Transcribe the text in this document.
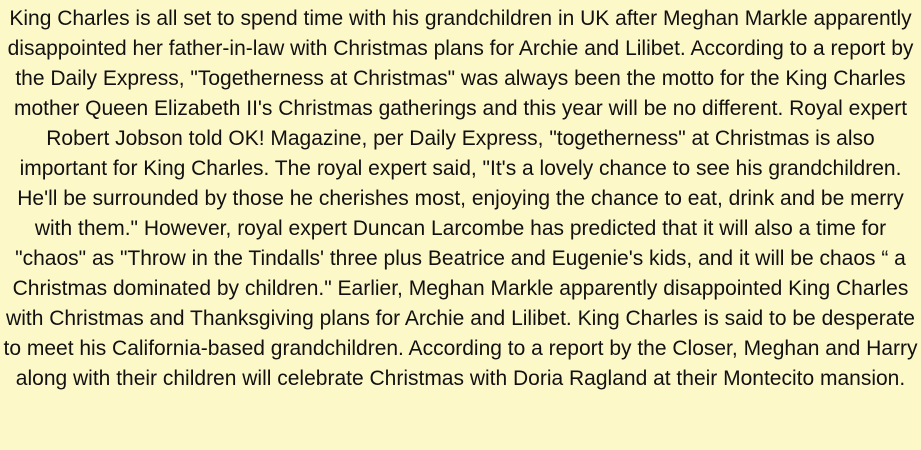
King Charles is all set to spend time with his grandchildren in UK after Meghan Markle apparently disappointed her father-in-law with Christmas plans for Archie and Lilibet. According to a report by the Daily Express, "Togetherness at Christmas" was always been the motto for the King Charles mother Queen Elizabeth II's Christmas gatherings and this year will be no different. Royal expert Robert Jobson told OK! Magazine, per Daily Express, "togetherness" at Christmas is also important for King Charles. The royal expert said, "It's a lovely chance to see his grandchildren. He'll be surrounded by those he cherishes most, enjoying the chance to eat, drink and be merry with them." However, royal expert Duncan Larcombe has predicted that it will also a time for "chaos" as "Throw in the Tindalls' three plus Beatrice and Eugenie's kids, and it will be chaos “ a Christmas dominated by children." Earlier, Meghan Markle apparently disappointed King Charles with Christmas and Thanksgiving plans for Archie and Lilibet. King Charles is said to be desperate to meet his California-based grandchildren. According to a report by the Closer, Meghan and Harry along with their children will celebrate Christmas with Doria Ragland at their Montecito mansion.
